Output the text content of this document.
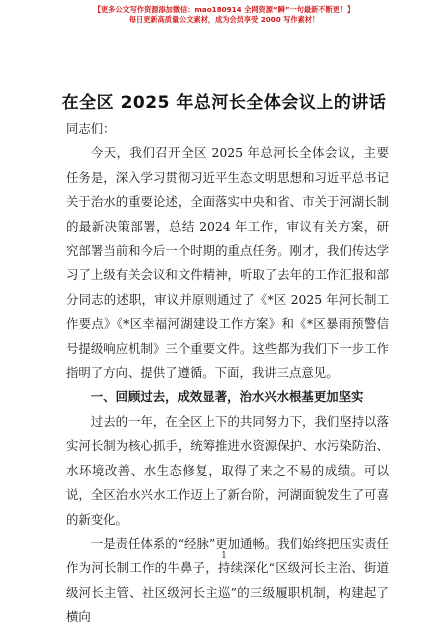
【更多公文写作资源添加微信：mao180914 全网资源“瞬”一句最新不断更！】
每日更新高质量公文素材，成为会员享受 2000 写作素材！
在全区 2025 年总河长全体会议上的讲话

同志们：

今天，我们召开全区 2025 年总河长全体会议，主要任务是，深入学习贯彻习近平生态文明思想和习近平总书记关于治水的重要论述，全面落实中央和省、市关于河湖长制的最新决策部署，总结 2024 年工作，审议有关方案，研究部署当前和今后一个时期的重点任务。刚才，我们传达学习了上级有关会议和文件精神，听取了去年的工作汇报和部分同志的述职，审议并原则通过了《*区 2025 年河长制工作要点》《*区幸福河湖建设工作方案》和《*区暴雨预警信号提级响应机制》三个重要文件。这些都为我们下一步工作指明了方向、提供了遵循。下面，我讲三点意见。

一、回顾过去，成效显著，治水兴水根基更加坚实

过去的一年，在全区上下的共同努力下，我们坚持以落实河长制为核心抓手，统筹推进水资源保护、水污染防治、水环境改善、水生态修复，取得了来之不易的成绩。可以说，全区治水兴水工作迈上了新台阶，河湖面貌发生了可喜的新变化。

一是责任体系的“经脉”更加通畅。我们始终把压实责任作为河长制工作的牛鼻子，持续深化“区级河长主治、街道级河长主管、社区级河长主巡”的三级履职机制，构建起了横向

1
